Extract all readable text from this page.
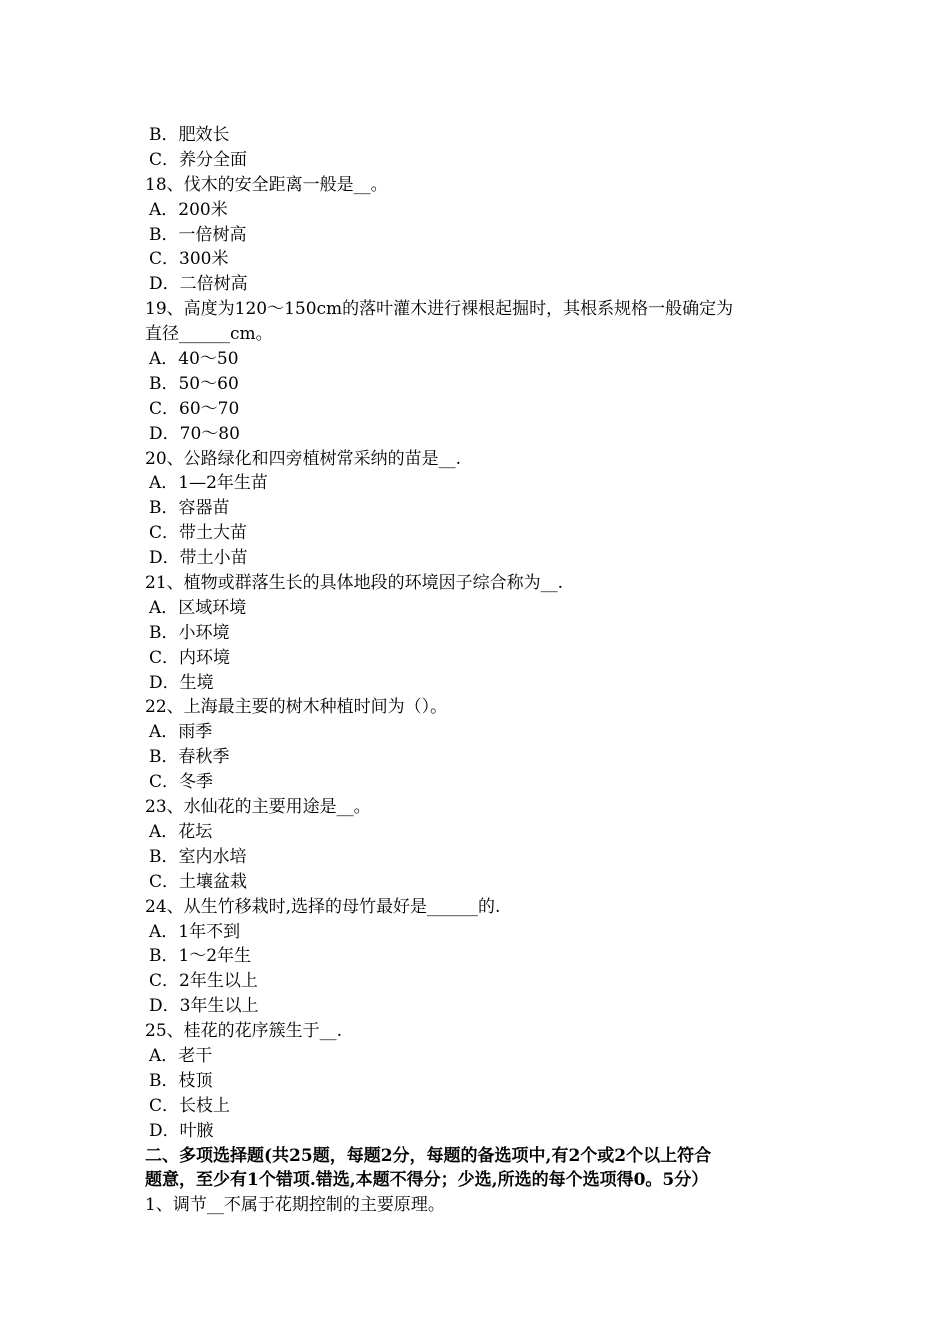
B．肥效长
C．养分全面
18、伐木的安全距离一般是__。
A．200米
B．一倍树高
C．300米
D．二倍树高
19、高度为120～150cm的落叶灌木进行裸根起掘时，其根系规格一般确定为
直径______cm。
A．40～50
B．50～60
C．60～70
D．70～80
20、公路绿化和四旁植树常采纳的苗是__.
A．1—2年生苗
B．容器苗
C．带土大苗
D．带土小苗
21、植物或群落生长的具体地段的环境因子综合称为__.
A．区域环境
B．小环境
C．内环境
D．生境
22、上海最主要的树木种植时间为（）。
A．雨季
B．春秋季
C．冬季
23、水仙花的主要用途是__。
A．花坛
B．室内水培
C．土壤盆栽
24、从生竹移栽时,选择的母竹最好是______的.
A．1年不到
B．1～2年生
C．2年生以上
D．3年生以上
25、桂花的花序簇生于__.
A．老干
B．枝顶
C．长枝上
D．叶腋
二、多项选择题(共25题，每题2分，每题的备选项中,有2个或2个以上符合
题意，至少有1个错项.错选,本题不得分；少选,所选的每个选项得0。5分）
1、调节__不属于花期控制的主要原理。
